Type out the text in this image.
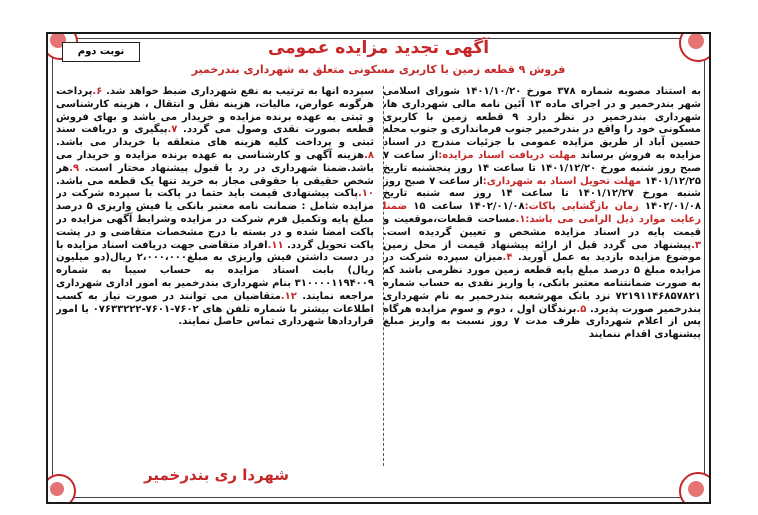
نوبت دوم	آگهی تجدید مزایده عمومی
فروش ۹ قطعه زمین با کاربری مسکونی متعلق به شهرداری بندرخمیر

به استناد مصوبه شماره ۳۷۸ مورخ ۱۴۰۱/۱۰/۲۰ شورای اسلامی شهر بندرخمیر و در اجرای ماده ۱۳ آئین نامه مالی شهرداری ها، شهرداری بندرخمیر در نظر دارد ۹ قطعه زمین با کاربری مسکونی خود را واقع در بندرخمیر جنوب فرمانداری و جنوب محله حسین آباد از طریق مزایده عمومی با جزئیات مندرج در اسناد مزایده به فروش برساند مهلت دریافت اسناد مزایده:از ساعت ۷ صبح روز شنبه مورخ ۱۴۰۱/۱۲/۲۰ تا ساعت ۱۴ روز پنجشنبه تاریخ ۱۴۰۱/۱۲/۲۵ مهلت تحویل اسناد به شهرداری:از ساعت ۷ صبح روز شنبه مورخ ۱۴۰۱/۱۲/۲۷ تا ساعت ۱۴ روز سه شنبه تاریخ ۱۴۰۲/۰۱/۰۸ زمان بازگشایی پاکات:۱۴۰۲/۰۱/۰۸ ساعت ۱۵ ضمنا رعایت موارد ذیل الزامی می باشد:۱.مساحت قطعات،موقعیت و قیمت پایه در اسناد مزایده مشخص و تعیین گردیده است. ۳.پیشنهاد می گردد قبل از ارائه پیشنهاد قیمت از محل زمین موضوع مزایده بازدید به عمل آورید. ۴.میزان سپرده شرکت در مزایده مبلغ ۵ درصد مبلغ پایه قطعه زمین مورد نظرمی باشد که به صورت ضمانتنامه معتبر بانکی، یا واریز نقدی به حساب شماره ۷۲۱۹۱۱۴۶۸۵۷۸۲۱ نزد بانک مهرشعبه بندرخمیر به نام شهرداری بندرخمیر صورت پذیرد. ۵.برندگان اول ، دوم و سوم مزایده هرگاه پس از اعلام شهرداری ظرف مدت ۷ روز نسبت به واریز مبلغ پیشنهادی اقدام ننمایند

سپرده آنها به ترتیب به نفع شهرداری ضبط خواهد شد. ۶.پرداخت هرگونه عوارض، مالیات، هزینه نقل و انتقال ، هزینه کارشناسی و ثبتی به عهده برنده مزایده و خریدار می باشد و بهای فروش قطعه بصورت نقدی وصول می گردد. ۷.پیگیری و دریافت سند ثبتی و پرداخت کلیه هزینه های متعلقه با خریدار می باشد. ۸.هزینه آگهی و کارشناسی به عهده برنده مزایده و خریدار می باشد.ضمنا شهرداری در رد یا قبول پیشنهاد مختار است. ۹.هر شخص حقیقی یا حقوقی مجاز به خرید تنها یک قطعه می باشد. ۱۰.پاکت پیشنهادی قیمت باید حتما در پاکت با سپرده شرکت در مزایده شامل : ضمانت نامه معتبر بانکی یا فیش واریزی ۵ درصد مبلغ پایه وتکمیل فرم شرکت در مزایده وشرایط آگهی مزایده در پاکت امضا شده و در بسته با درج مشخصات متقاضی و در پشت پاکت تحویل گردد. ۱۱.افراد متقاضی جهت دریافت اسناد مزایده با در دست داشتن فیش واریزی به مبلغ۲،۰۰۰،۰۰۰ ریال(دو میلیون ریال) بابت اسناد مزایده به حساب سیبا به شماره ۳۱۰۰۰۰۱۱۹۴۰۰۹ بنام شهرداری بندرخمیر به امور اداری شهرداری مراجعه نمایند. ۱۲.متقاضیان می توانند در صورت نیاز به کسب اطلاعات بیشتر با شماره تلفن های ۷۶۰۲-۷۶۰۱-۰۷۶۳۳۲۲۲ یا امور قراردادها شهرداری تماس حاصل نمایند.

شهردا ری بندرخمیر
